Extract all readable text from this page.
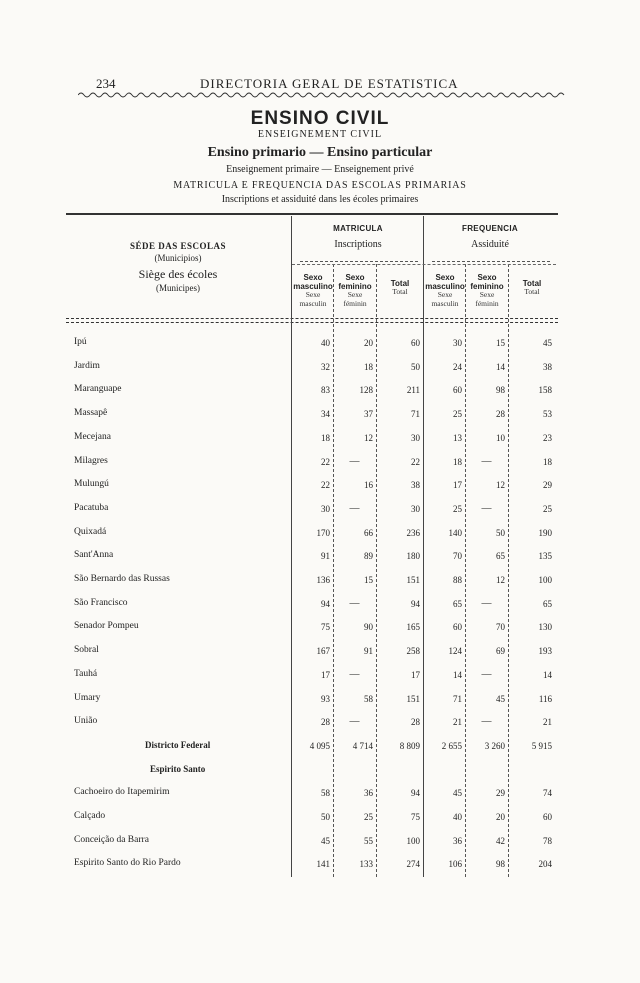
234	DIRECTORIA GERAL DE ESTATISTICA
ENSINO CIVIL
ENSEIGNEMENT CIVIL
Ensino primario — Ensino particular
Enseignement primaire — Enseignement privé
MATRICULA E FREQUENCIA DAS ESCOLAS PRIMARIAS
Inscriptions et assiduité dans les écoles primaires
SÉDE DAS ESCOLAS
(Municipios)
Siège des écoles
(Municipes)
MATRICULA
Inscriptions
FREQUENCIA
Assiduité
Sexo
masculino
Sexe
masculin
Sexo
feminino
Sexe
féminin
Total
Total
Sexo
masculino
Sexe
masculin
Sexo
feminino
Sexe
féminin
Total
Total
Ipú	40	20	60	30	15	45
Jardim	32	18	50	24	14	38
Maranguape	83	128	211	60	98	158
Massapê	34	37	71	25	28	53
Mecejana	18	12	30	13	10	23
Milagres	22	—	22	18	—	18
Mulungú	22	16	38	17	12	29
Pacatuba	30	—	30	25	—	25
Quixadá	170	66	236	140	50	190
Sant'Anna	91	89	180	70	65	135
São Bernardo das Russas	136	15	151	88	12	100
São Francisco	94	—	94	65	—	65
Senador Pompeu	75	90	165	60	70	130
Sobral	167	91	258	124	69	193
Tauhá	17	—	17	14	—	14
Umary	93	58	151	71	45	116
União	28	—	28	21	—	21
Districto Federal	4 095	4 714	8 809	2 655	3 260	5 915
Espirito Santo
Cachoeiro do Itapemirim	58	36	94	45	29	74
Calçado	50	25	75	40	20	60
Conceição da Barra	45	55	100	36	42	78
Espirito Santo do Rio Pardo	141	133	274	106	98	204
